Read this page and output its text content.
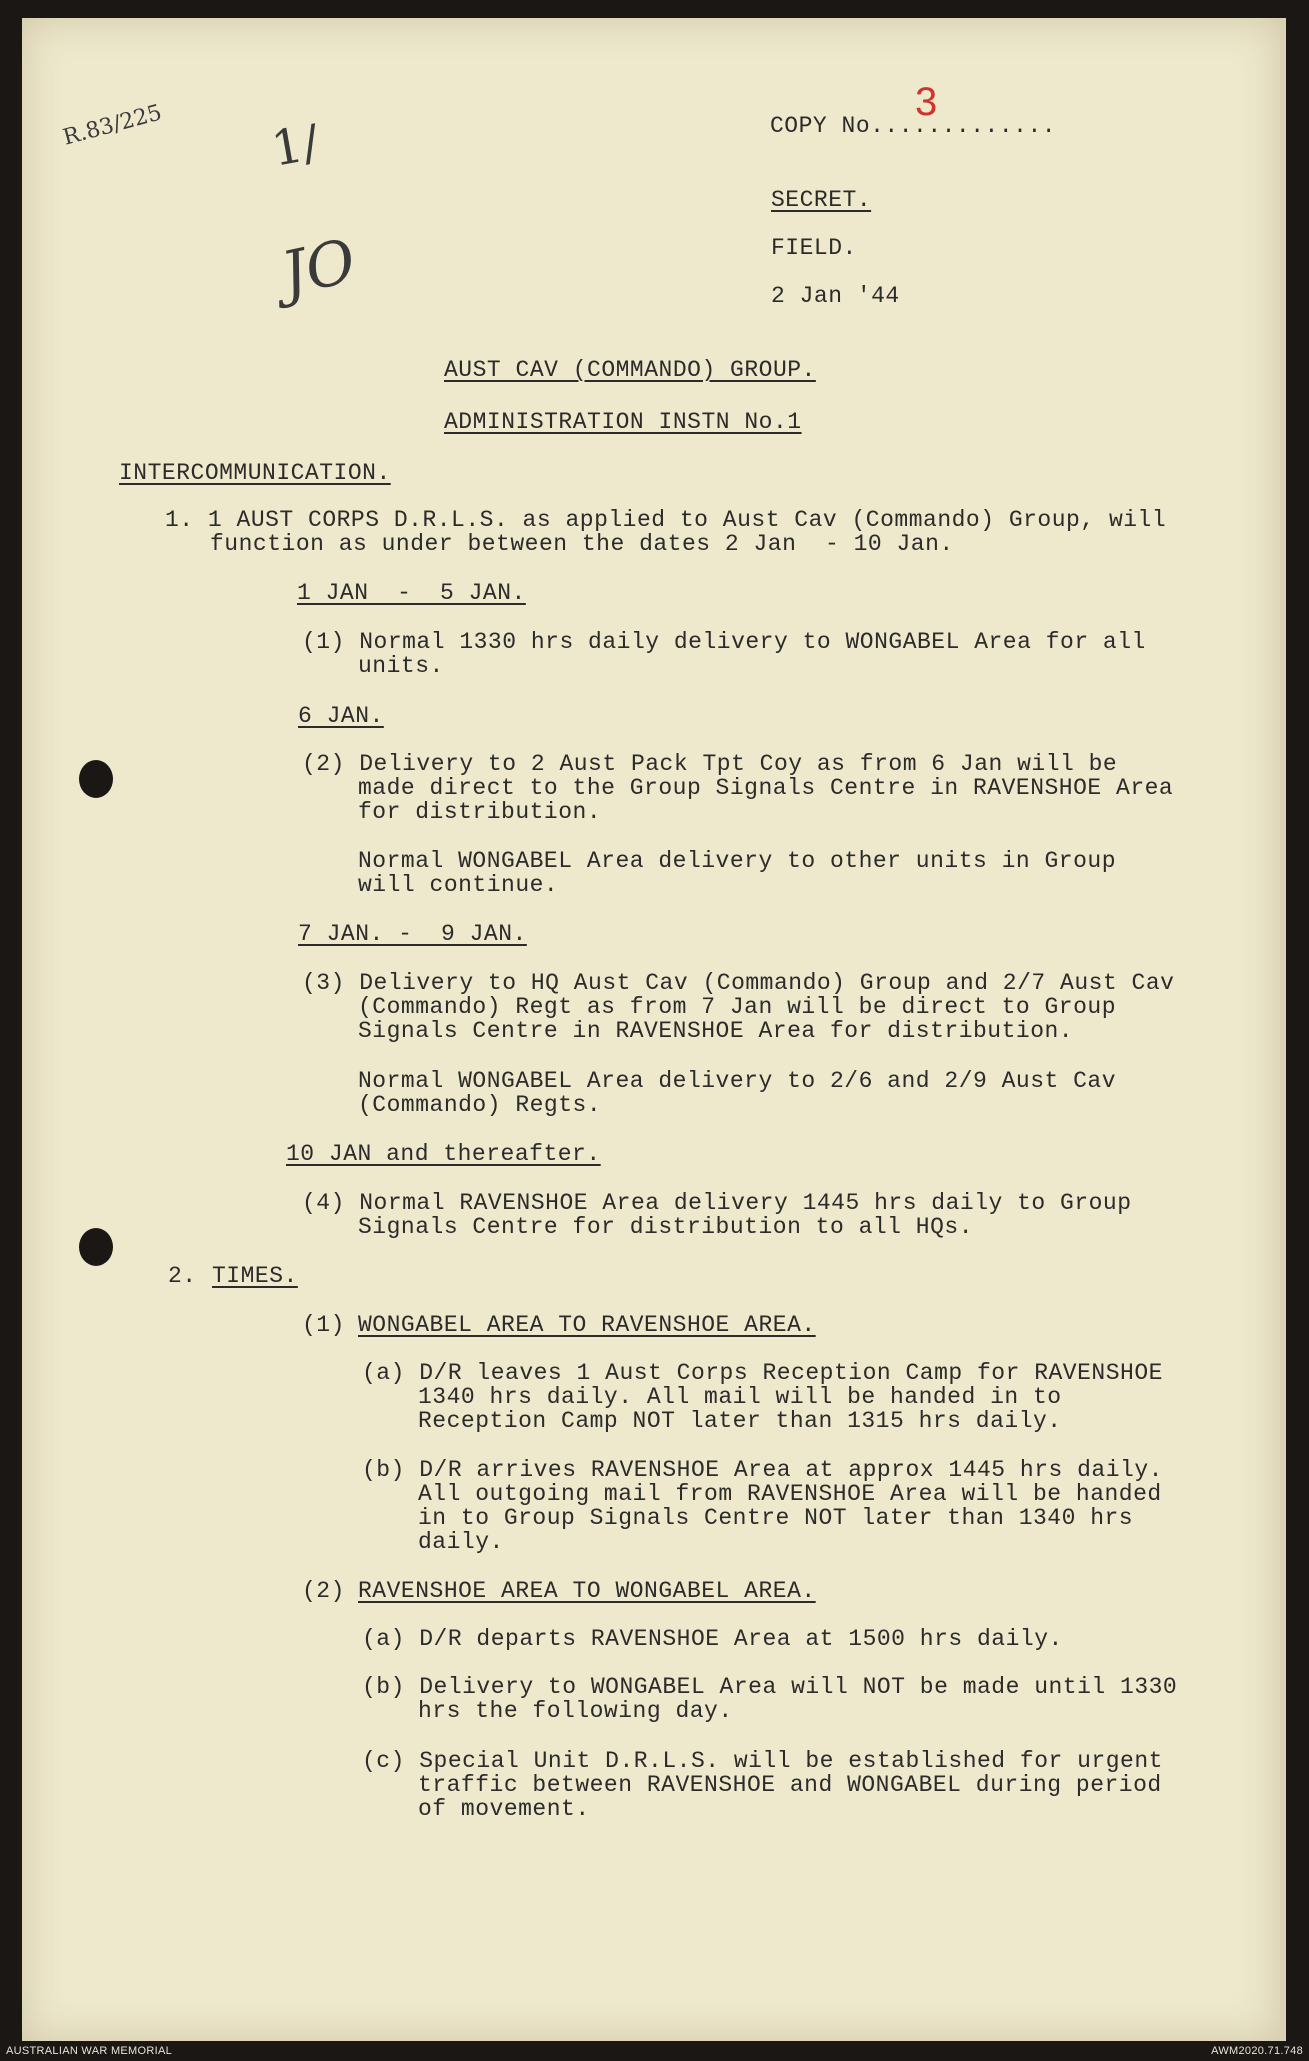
R.83/225 1/
JO
COPY No.............
3
SECRET.
FIELD.
2 Jan '44
AUST CAV (COMMANDO) GROUP.
ADMINISTRATION INSTN No.1
INTERCOMMUNICATION.
1. 1 AUST CORPS D.R.L.S. as applied to Aust Cav (Commando) Group, will
function as under between the dates 2 Jan  - 10 Jan.
1 JAN  -  5 JAN.
(1) Normal 1330 hrs daily delivery to WONGABEL Area for all
units.
6 JAN.
(2) Delivery to 2 Aust Pack Tpt Coy as from 6 Jan will be
made direct to the Group Signals Centre in RAVENSHOE Area
for distribution.
Normal WONGABEL Area delivery to other units in Group
will continue.
7 JAN. -  9 JAN.
(3) Delivery to HQ Aust Cav (Commando) Group and 2/7 Aust Cav
(Commando) Regt as from 7 Jan will be direct to Group
Signals Centre in RAVENSHOE Area for distribution.
Normal WONGABEL Area delivery to 2/6 and 2/9 Aust Cav
(Commando) Regts.
10 JAN and thereafter.
(4) Normal RAVENSHOE Area delivery 1445 hrs daily to Group
Signals Centre for distribution to all HQs.
2. TIMES.
(1) WONGABEL AREA TO RAVENSHOE AREA.
(a) D/R leaves 1 Aust Corps Reception Camp for RAVENSHOE
1340 hrs daily. All mail will be handed in to
Reception Camp NOT later than 1315 hrs daily.
(b) D/R arrives RAVENSHOE Area at approx 1445 hrs daily.
All outgoing mail from RAVENSHOE Area will be handed
in to Group Signals Centre NOT later than 1340 hrs
daily.
(2) RAVENSHOE AREA TO WONGABEL AREA.
(a) D/R departs RAVENSHOE Area at 1500 hrs daily.
(b) Delivery to WONGABEL Area will NOT be made until 1330
hrs the following day.
(c) Special Unit D.R.L.S. will be established for urgent
traffic between RAVENSHOE and WONGABEL during period
of movement.
AUSTRALIAN WAR MEMORIAL	AWM2020.71.748
